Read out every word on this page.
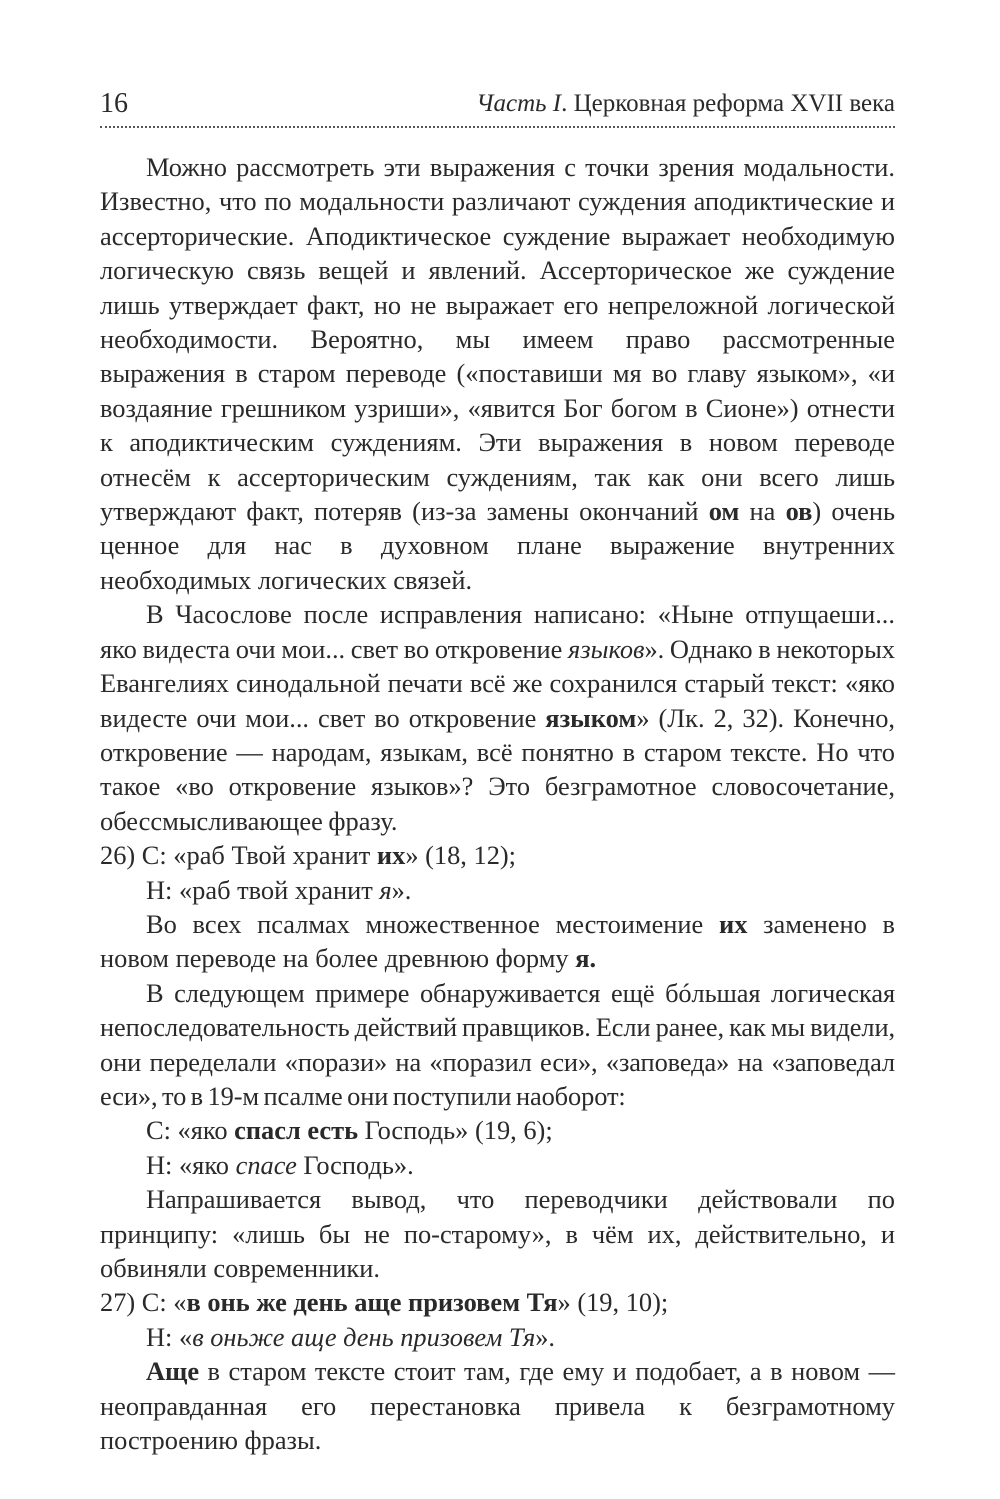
16	Часть I. Церковная реформа XVII века

Можно рассмотреть эти выражения с точки зрения модальности. Известно, что по модальности различают суждения аподиктические и ассерторические. Аподиктическое суждение выражает необходимую логическую связь вещей и явлений. Ассерторическое же суждение лишь утверждает факт, но не выражает его непреложной логической необходимости. Вероятно, мы имеем право рассмотренные выражения в старом переводе («поставиши мя во главу языком», «и воздаяние грешником узриши», «явится Бог богом в Сионе») отнести к аподиктическим суждениям. Эти выражения в новом переводе отнесём к ассерторическим суждениям, так как они всего лишь утверждают факт, потеряв (из-за замены окончаний ом на ов) очень ценное для нас в духовном плане выражение внутренних необходимых логических связей.

В Часослове после исправления написано: «Ныне отпущаеши... яко видеста очи мои... свет во откровение языков». Однако в некоторых Евангелиях синодальной печати всё же сохранился старый текст: «яко видесте очи мои... свет во откровение языком» (Лк. 2, 32). Конечно, откровение — народам, языкам, всё понятно в старом тексте. Но что такое «во откровение языков»? Это безграмотное словосочетание, обессмысливающее фразу.

26) С: «раб Твой хранит их» (18, 12);

Н: «раб твой хранит я».

Во всех псалмах множественное местоимение их заменено в новом переводе на более древнюю форму я.

В следующем примере обнаруживается ещё бóльшая логическая непоследовательность действий правщиков. Если ранее, как мы видели, они переделали «порази» на «поразил еси», «заповеда» на «заповедал еси», то в 19-м псалме они поступили наоборот:

С: «яко спасл есть Господь» (19, 6);

Н: «яко спасе Господь».

Напрашивается вывод, что переводчики действовали по принципу: «лишь бы не по-старому», в чём их, действительно, и обвиняли современники.

27) С: «в онь же день аще призовем Тя» (19, 10);

Н: «в оньже аще день призовем Тя».

Аще в старом тексте стоит там, где ему и подобает, а в новом — неоправданная его перестановка привела к безграмотному построению фразы.
